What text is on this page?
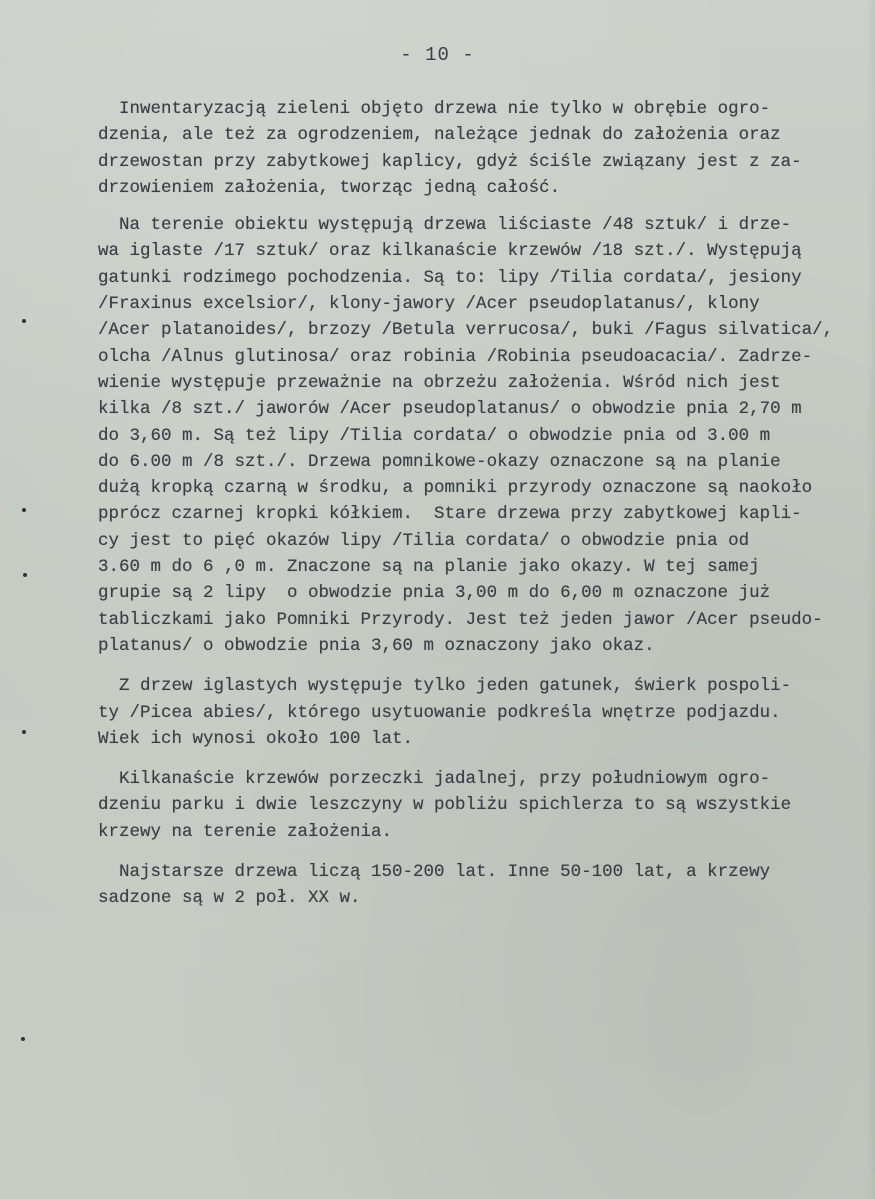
- 10 -
Inwentaryzacją zieleni objęto drzewa nie tylko w obrębie ogro-
dzenia, ale też za ogrodzeniem, należące jednak do założenia oraz
drzewostan przy zabytkowej kaplicy, gdyż ściśle związany jest z za-
drzowieniem założenia, tworząc jedną całość.
Na terenie obiektu występują drzewa liściaste /48 sztuk/ i drze-
wa iglaste /17 sztuk/ oraz kilkanaście krzewów /18 szt./. Występują
gatunki rodzimego pochodzenia. Są to: lipy /Tilia cordata/, jesiony
/Fraxinus excelsior/, klony-jawory /Acer pseudoplatanus/, klony
/Acer platanoides/, brzozy /Betula verrucosa/, buki /Fagus silvatica/,
olcha /Alnus glutinosa/ oraz robinia /Robinia pseudoacacia/. Zadrze-
wienie występuje przeważnie na obrzeżu założenia. Wśród nich jest
kilka /8 szt./ jaworów /Acer pseudoplatanus/ o obwodzie pnia 2,70 m
do 3,60 m. Są też lipy /Tilia cordata/ o obwodzie pnia od 3.00 m
do 6.00 m /8 szt./. Drzewa pomnikowe-okazy oznaczone są na planie
dużą kropką czarną w środku, a pomniki przyrody oznaczone są naokoło
pprócz czarnej kropki kółkiem.  Stare drzewa przy zabytkowej kapli-
cy jest to pięć okazów lipy /Tilia cordata/ o obwodzie pnia od
3.60 m do 6 ,0 m. Znaczone są na planie jako okazy. W tej samej
grupie są 2 lipy  o obwodzie pnia 3,00 m do 6,00 m oznaczone już
tabliczkami jako Pomniki Przyrody. Jest też jeden jawor /Acer pseudo-
platanus/ o obwodzie pnia 3,60 m oznaczony jako okaz.
Z drzew iglastych występuje tylko jeden gatunek, świerk pospoli-
ty /Picea abies/, którego usytuowanie podkreśla wnętrze podjazdu.
Wiek ich wynosi około 100 lat.
Kilkanaście krzewów porzeczki jadalnej, przy południowym ogro-
dzeniu parku i dwie leszczyny w pobliżu spichlerza to są wszystkie
krzewy na terenie założenia.
Najstarsze drzewa liczą 150-200 lat. Inne 50-100 lat, a krzewy
sadzone są w 2 poł. XX w.
